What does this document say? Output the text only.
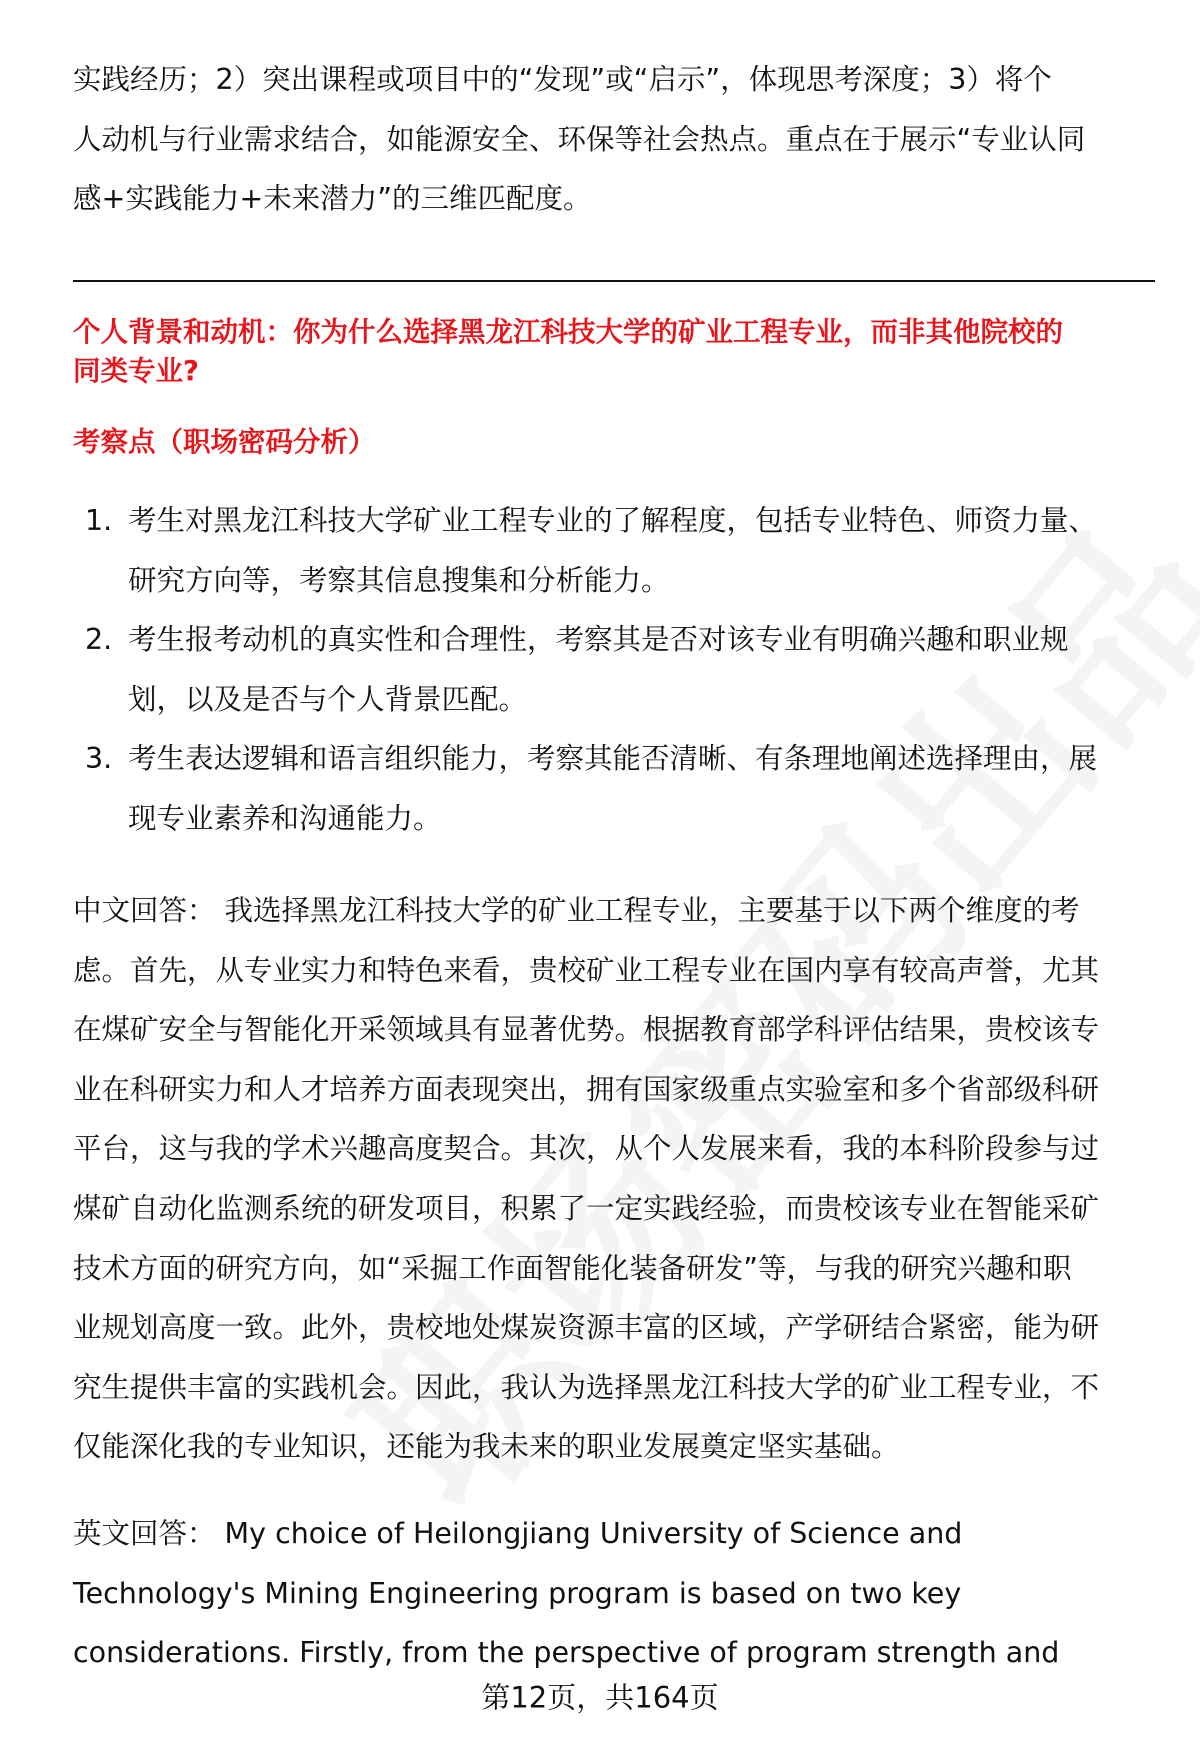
实践经历；2）突出课程或项目中的“发现”或“启示”，体现思考深度；3）将个
人动机与行业需求结合，如能源安全、环保等社会热点。重点在于展示“专业认同
感+实践能力+未来潜力”的三维匹配度。
个人背景和动机：你为什么选择黑龙江科技大学的矿业工程专业，而非其他院校的
同类专业?
考察点（职场密码分析）
1. 考生对黑龙江科技大学矿业工程专业的了解程度，包括专业特色、师资力量、
研究方向等，考察其信息搜集和分析能力。
2. 考生报考动机的真实性和合理性，考察其是否对该专业有明确兴趣和职业规
划，以及是否与个人背景匹配。
3. 考生表达逻辑和语言组织能力，考察其能否清晰、有条理地阐述选择理由，展
现专业素养和沟通能力。
中文回答： 我选择黑龙江科技大学的矿业工程专业，主要基于以下两个维度的考
虑。首先，从专业实力和特色来看，贵校矿业工程专业在国内享有较高声誉，尤其
在煤矿安全与智能化开采领域具有显著优势。根据教育部学科评估结果，贵校该专
业在科研实力和人才培养方面表现突出，拥有国家级重点实验室和多个省部级科研
平台，这与我的学术兴趣高度契合。其次，从个人发展来看，我的本科阶段参与过
煤矿自动化监测系统的研发项目，积累了一定实践经验，而贵校该专业在智能采矿
技术方面的研究方向，如“采掘工作面智能化装备研发”等，与我的研究兴趣和职
业规划高度一致。此外，贵校地处煤炭资源丰富的区域，产学研结合紧密，能为研
究生提供丰富的实践机会。因此，我认为选择黑龙江科技大学的矿业工程专业，不
仅能深化我的专业知识，还能为我未来的职业发展奠定坚实基础。
英文回答： My choice of Heilongjiang University of Science and
Technology's Mining Engineering program is based on two key
considerations. Firstly, from the perspective of program strength and
第12页，共164页
